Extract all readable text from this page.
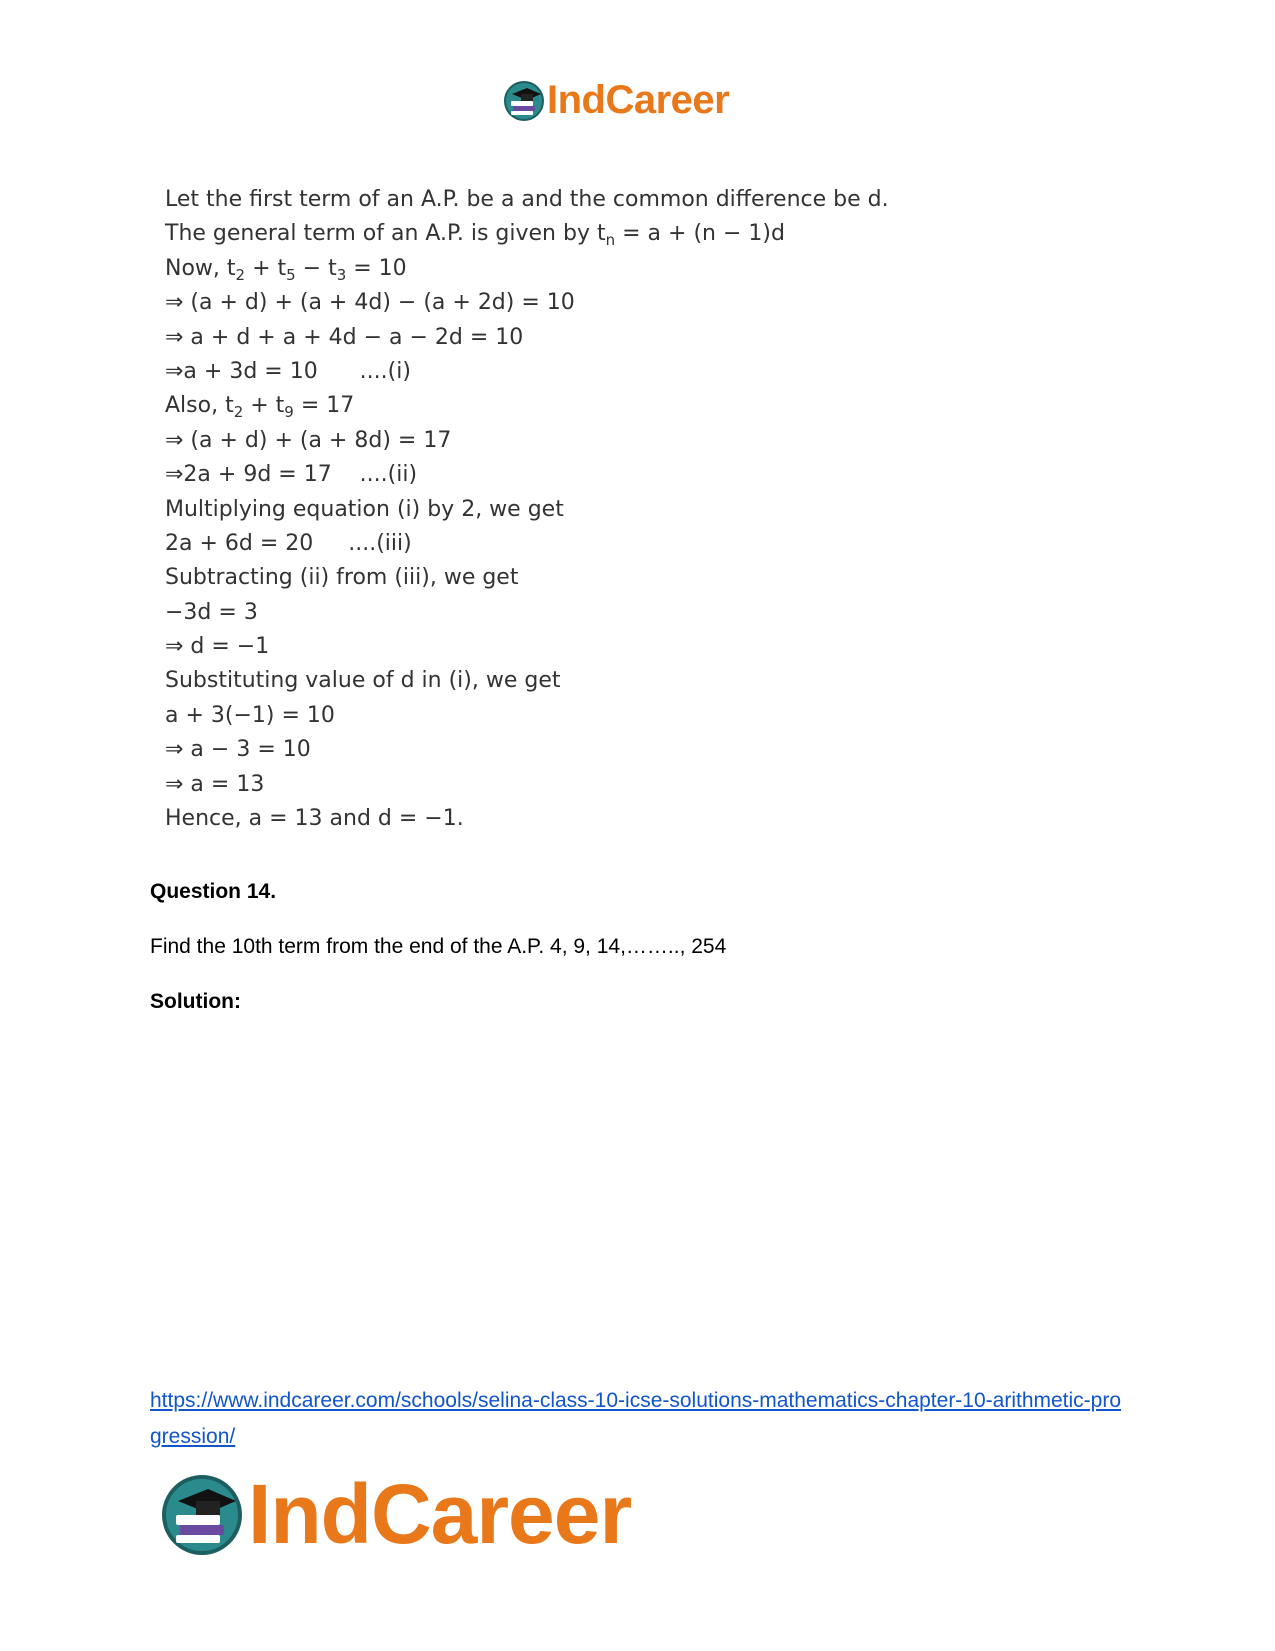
IndCareer
Let the first term of an A.P. be a and the common difference be d.
The general term of an A.P. is given by $t_n = a + (n - 1)d$
Now, $t_2 + t_5 - t_3 = 10$
⇒ (a + d) + (a + 4d) − (a + 2d) = 10
⇒ a + d + a + 4d − a − 2d = 10
⇒a + 3d = 10      ....(i)
Also, $t_2 + t_9 = 17$
⇒ (a + d) + (a + 8d) = 17
⇒2a + 9d = 17    ....(ii)
Multiplying equation (i) by 2, we get
2a + 6d = 20     ....(iii)
Subtracting (ii) from (iii), we get
−3d = 3
⇒ d = −1
Substituting value of d in (i), we get
a + 3(−1) = 10
⇒ a − 3 = 10
⇒ a = 13
Hence, a = 13 and d = −1.
Question 14.
Find the 10th term from the end of the A.P. 4, 9, 14,…….., 254
Solution:
https://www.indcareer.com/schools/selina-class-10-icse-solutions-mathematics-chapter-10-arithmetic-progression/
IndCareer
